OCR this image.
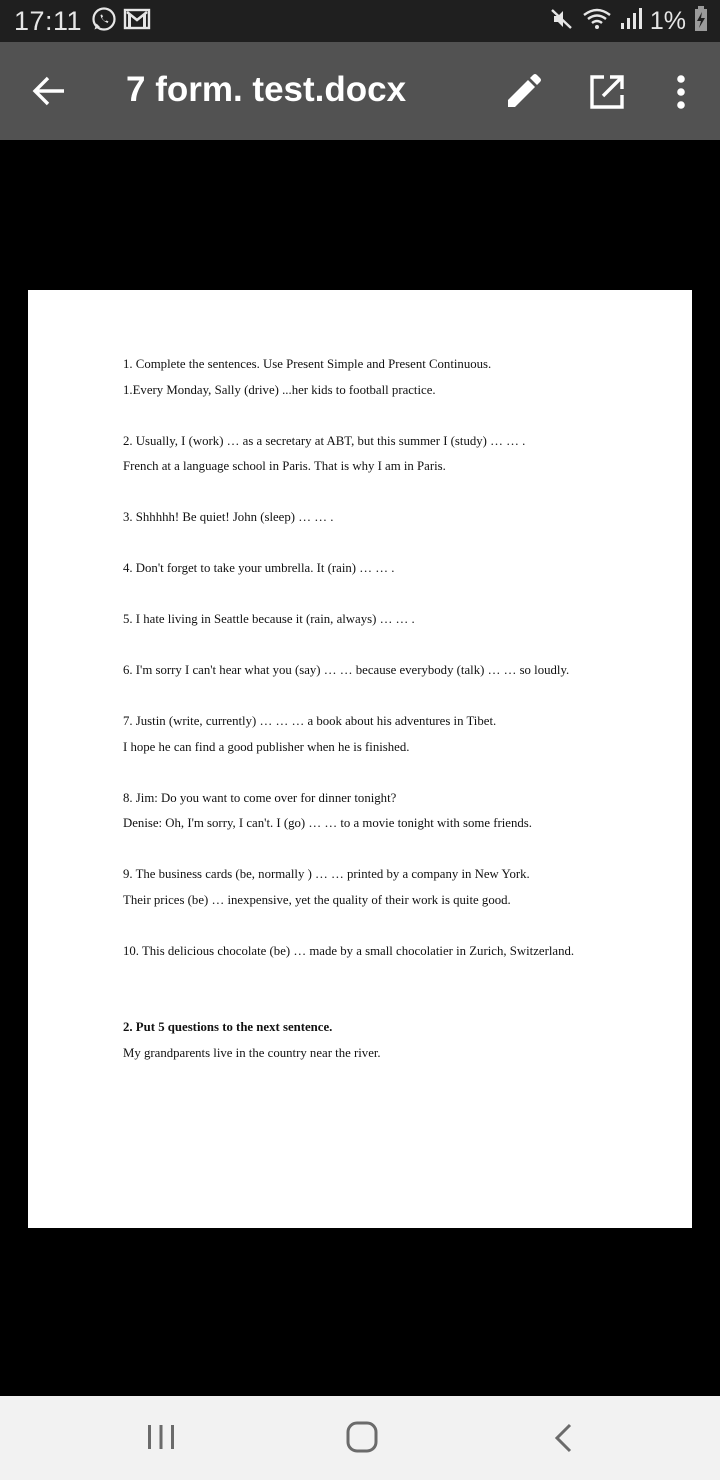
17:11	1%
7 form. test.docx
1. Complete the sentences. Use Present Simple and Present Continuous.
1.Every Monday, Sally (drive) ...her kids to football practice.
2. Usually, I (work) … as a secretary at ABT, but this summer I (study) … … .
French at a language school in Paris. That is why I am in Paris.
3. Shhhhh! Be quiet! John (sleep) … … .
4. Don't forget to take your umbrella. It (rain) … … .
5. I hate living in Seattle because it (rain, always) … … .
6. I'm sorry I can't hear what you (say) … … because everybody (talk) … … so loudly.
7. Justin (write, currently) … … … a book about his adventures in Tibet.
I hope he can find a good publisher when he is finished.
8. Jim: Do you want to come over for dinner tonight?
Denise: Oh, I'm sorry, I can't. I (go) … … to a movie tonight with some friends.
9. The business cards (be, normally ) … … printed by a company in New York.
Their prices (be) … inexpensive, yet the quality of their work is quite good.
10. This delicious chocolate (be) … made by a small chocolatier in Zurich, Switzerland.
2. Put 5 questions to the next sentence.
My grandparents live in the country near the river.
